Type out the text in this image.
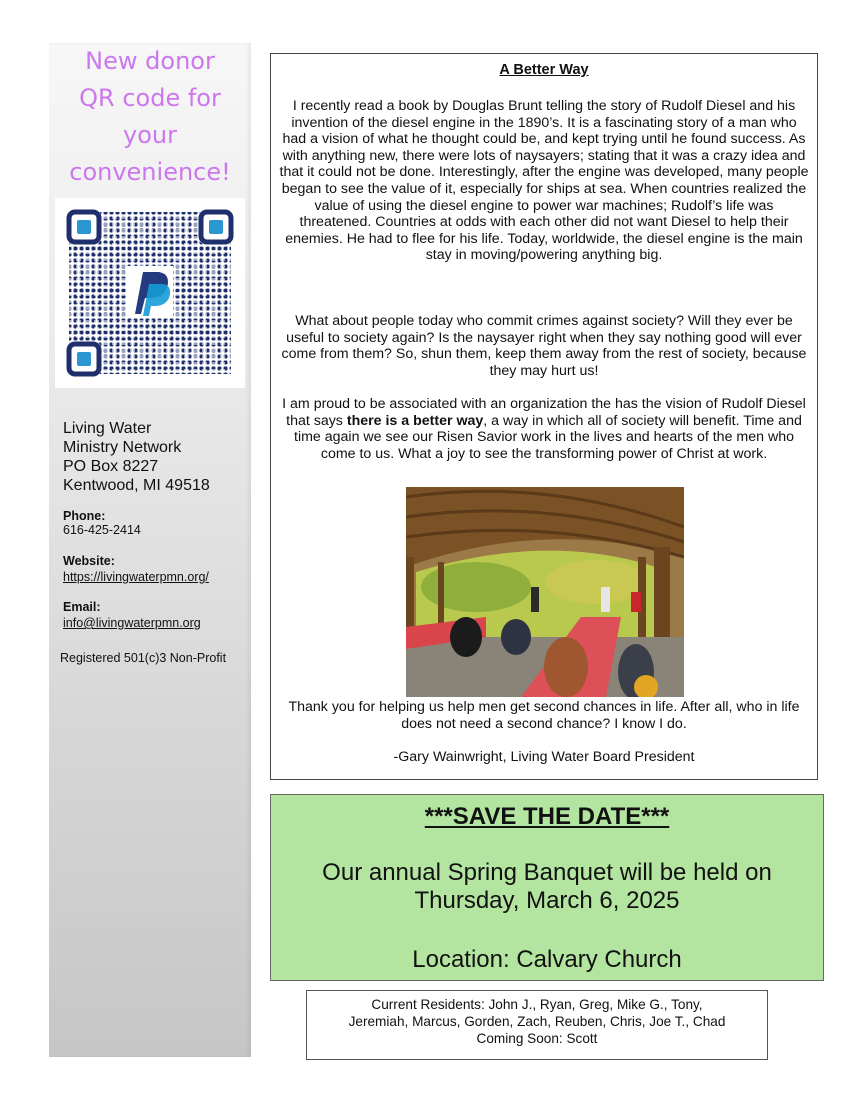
New donor
QR code for
your
convenience!
Living Water
Ministry Network
PO Box 8227
Kentwood, MI 49518
Phone:
616-425-2414
Website:
https://livingwaterpmn.org/
Email:
info@livingwaterpmn.org
Registered 501(c)3 Non-Profit
A Better Way
I recently read a book by Douglas Brunt telling the story of Rudolf Diesel and his invention of the diesel engine in the 1890’s. It is a fascinating story of a man who had a vision of what he thought could be, and kept trying until he found success. As with anything new, there were lots of naysayers; stating that it was a crazy idea and that it could not be done. Interestingly, after the engine was developed, many people began to see the value of it, especially for ships at sea. When countries realized the value of using the diesel engine to power war machines; Rudolf’s life was threatened. Countries at odds with each other did not want Diesel to help their enemies. He had to flee for his life. Today, worldwide, the diesel engine is the main stay in moving/powering anything big.
What about people today who commit crimes against society? Will they ever be useful to society again? Is the naysayer right when they say nothing good will ever come from them? So, shun them, keep them away from the rest of society, because they may hurt us!
I am proud to be associated with an organization the has the vision of Rudolf Diesel that says there is a better way, a way in which all of society will benefit. Time and time again we see our Risen Savior work in the lives and hearts of the men who come to us. What a joy to see the transforming power of Christ at work.
Thank you for helping us help men get second chances in life. After all, who in life does not need a second chance? I know I do.
-Gary Wainwright, Living Water Board President
***SAVE THE DATE***
Our annual Spring Banquet will be held on
Thursday, March 6, 2025
Location: Calvary Church
Current Residents: John J., Ryan, Greg, Mike G., Tony,
Jeremiah, Marcus, Gorden, Zach, Reuben, Chris, Joe T., Chad
Coming Soon: Scott
